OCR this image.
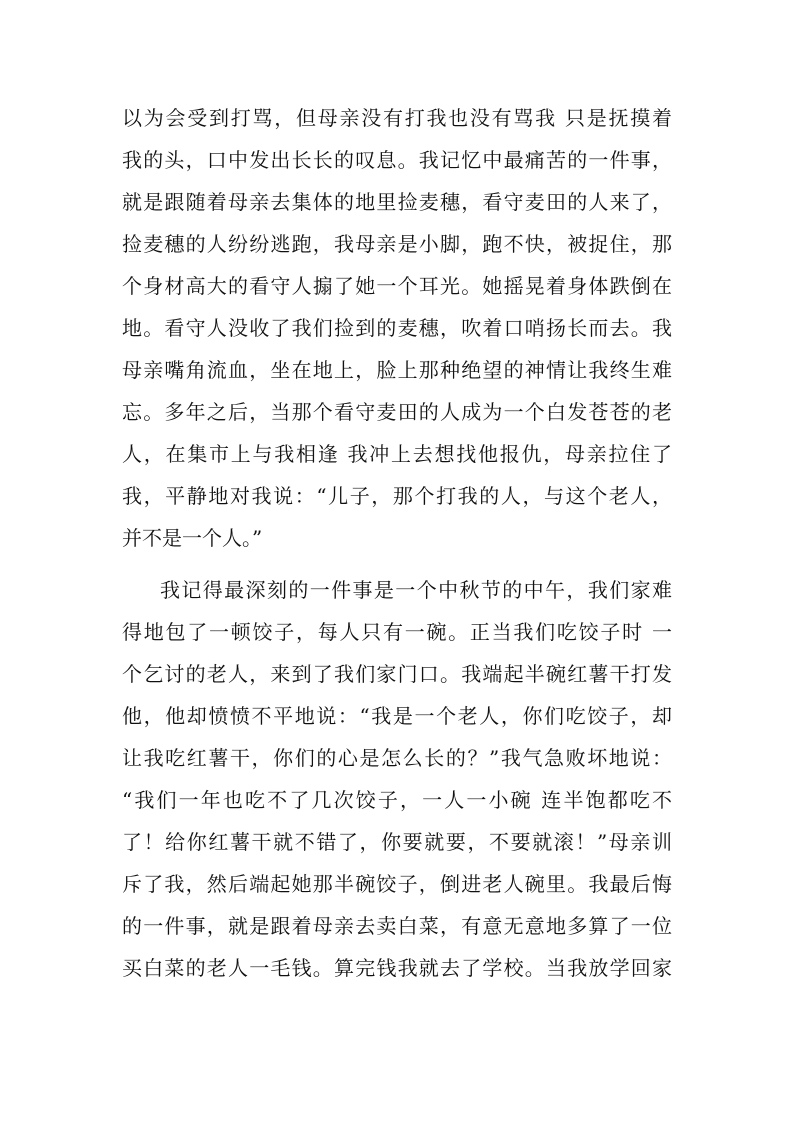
以为会受到打骂，但母亲没有打我也没有骂我 只是抚摸着

我的头，口中发出长长的叹息。我记忆中最痛苦的一件事，

就是跟随着母亲去集体的地里捡麦穗，看守麦田的人来了，

捡麦穗的人纷纷逃跑，我母亲是小脚，跑不快，被捉住，那

个身材高大的看守人搧了她一个耳光。她摇晃着身体跌倒在

地。看守人没收了我们捡到的麦穗，吹着口哨扬长而去。我

母亲嘴角流血，坐在地上，脸上那种绝望的神情让我终生难

忘。多年之后，当那个看守麦田的人成为一个白发苍苍的老

人，在集市上与我相逢 我冲上去想找他报仇，母亲拉住了

我，平静地对我说：“儿子，那个打我的人，与这个老人，

并不是一个人。”

我记得最深刻的一件事是一个中秋节的中午，我们家难

得地包了一顿饺子，每人只有一碗。正当我们吃饺子时 一

个乞讨的老人，来到了我们家门口。我端起半碗红薯干打发

他，他却愤愤不平地说：“我是一个老人，你们吃饺子，却

让我吃红薯干，你们的心是怎么长的？”我气急败坏地说：

“我们一年也吃不了几次饺子，一人一小碗 连半饱都吃不

了！给你红薯干就不错了，你要就要，不要就滚！”母亲训

斥了我，然后端起她那半碗饺子，倒进老人碗里。我最后悔

的一件事，就是跟着母亲去卖白菜，有意无意地多算了一位

买白菜的老人一毛钱。算完钱我就去了学校。当我放学回家
